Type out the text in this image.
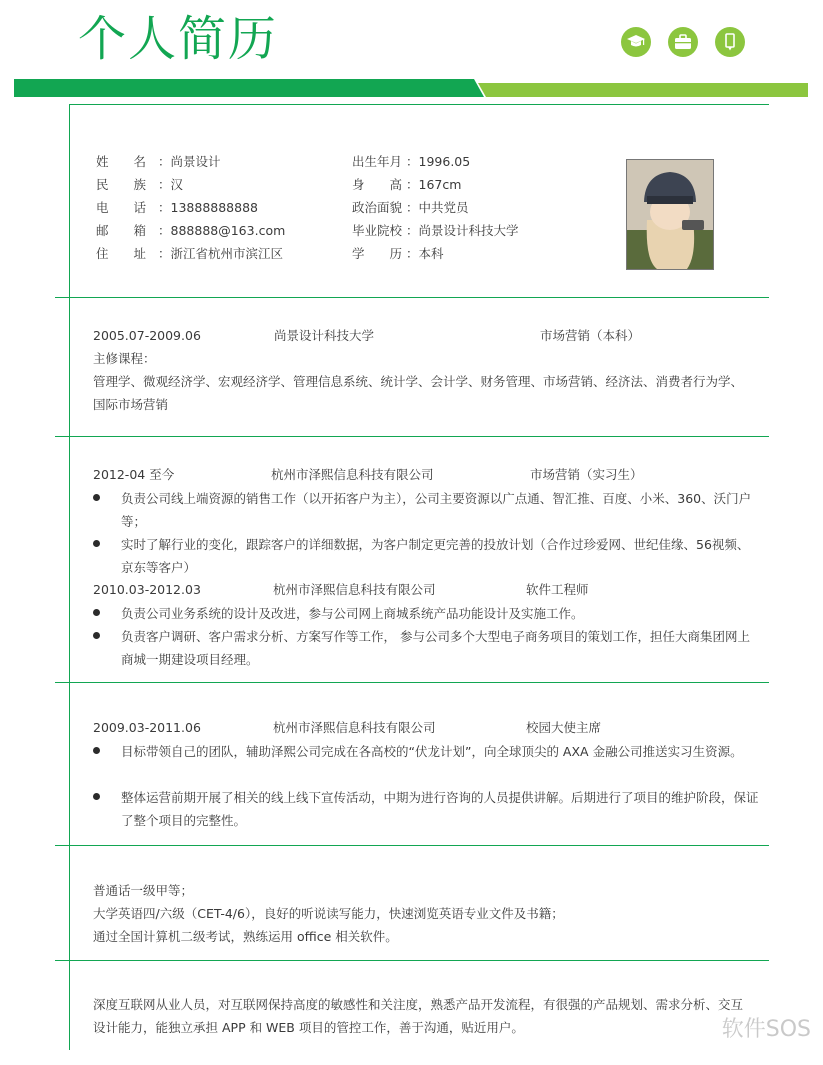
个人简历
姓　　名 ：尚景设计
民　　族 ：汉
电　　话 ：13888888888
邮　　箱 ：888888@163.com
住　　址 ：浙江省杭州市滨江区
出生年月 ：1996.05
身　　高 ：167cm
政治面貌 ：中共党员
毕业院校 ：尚景设计科技大学
学　　历 ：本科
2005.07-2009.06	尚景设计科技大学	市场营销（本科）
主修课程：
管理学、微观经济学、宏观经济学、管理信息系统、统计学、会计学、财务管理、市场营销、经济法、消费者行为学、国际市场营销
2012-04 至今	杭州市泽熙信息科技有限公司	市场营销（实习生）
负责公司线上端资源的销售工作（以开拓客户为主），公司主要资源以广点通、智汇推、百度、小米、360、沃门户等；
实时了解行业的变化，跟踪客户的详细数据，为客户制定更完善的投放计划（合作过珍爱网、世纪佳缘、56视频、京东等客户）
2010.03-2012.03	杭州市泽熙信息科技有限公司	软件工程师
负责公司业务系统的设计及改进，参与公司网上商城系统产品功能设计及实施工作。
负责客户调研、客户需求分析、方案写作等工作， 参与公司多个大型电子商务项目的策划工作，担任大商集团网上商城一期建设项目经理。
2009.03-2011.06	杭州市泽熙信息科技有限公司	校园大使主席
目标带领自己的团队，辅助泽熙公司完成在各高校的“伏龙计划”，向全球顶尖的 AXA 金融公司推送实习生资源。
整体运营前期开展了相关的线上线下宣传活动，中期为进行咨询的人员提供讲解。后期进行了项目的维护阶段，保证了整个项目的完整性。
普通话一级甲等；
大学英语四/六级（CET-4/6），良好的听说读写能力，快速浏览英语专业文件及书籍；
通过全国计算机二级考试，熟练运用 office 相关软件。
深度互联网从业人员，对互联网保持高度的敏感性和关注度，熟悉产品开发流程，有很强的产品规划、需求分析、交互设计能力，能独立承担 APP 和 WEB 项目的管控工作，善于沟通，贴近用户。	软件SOS
